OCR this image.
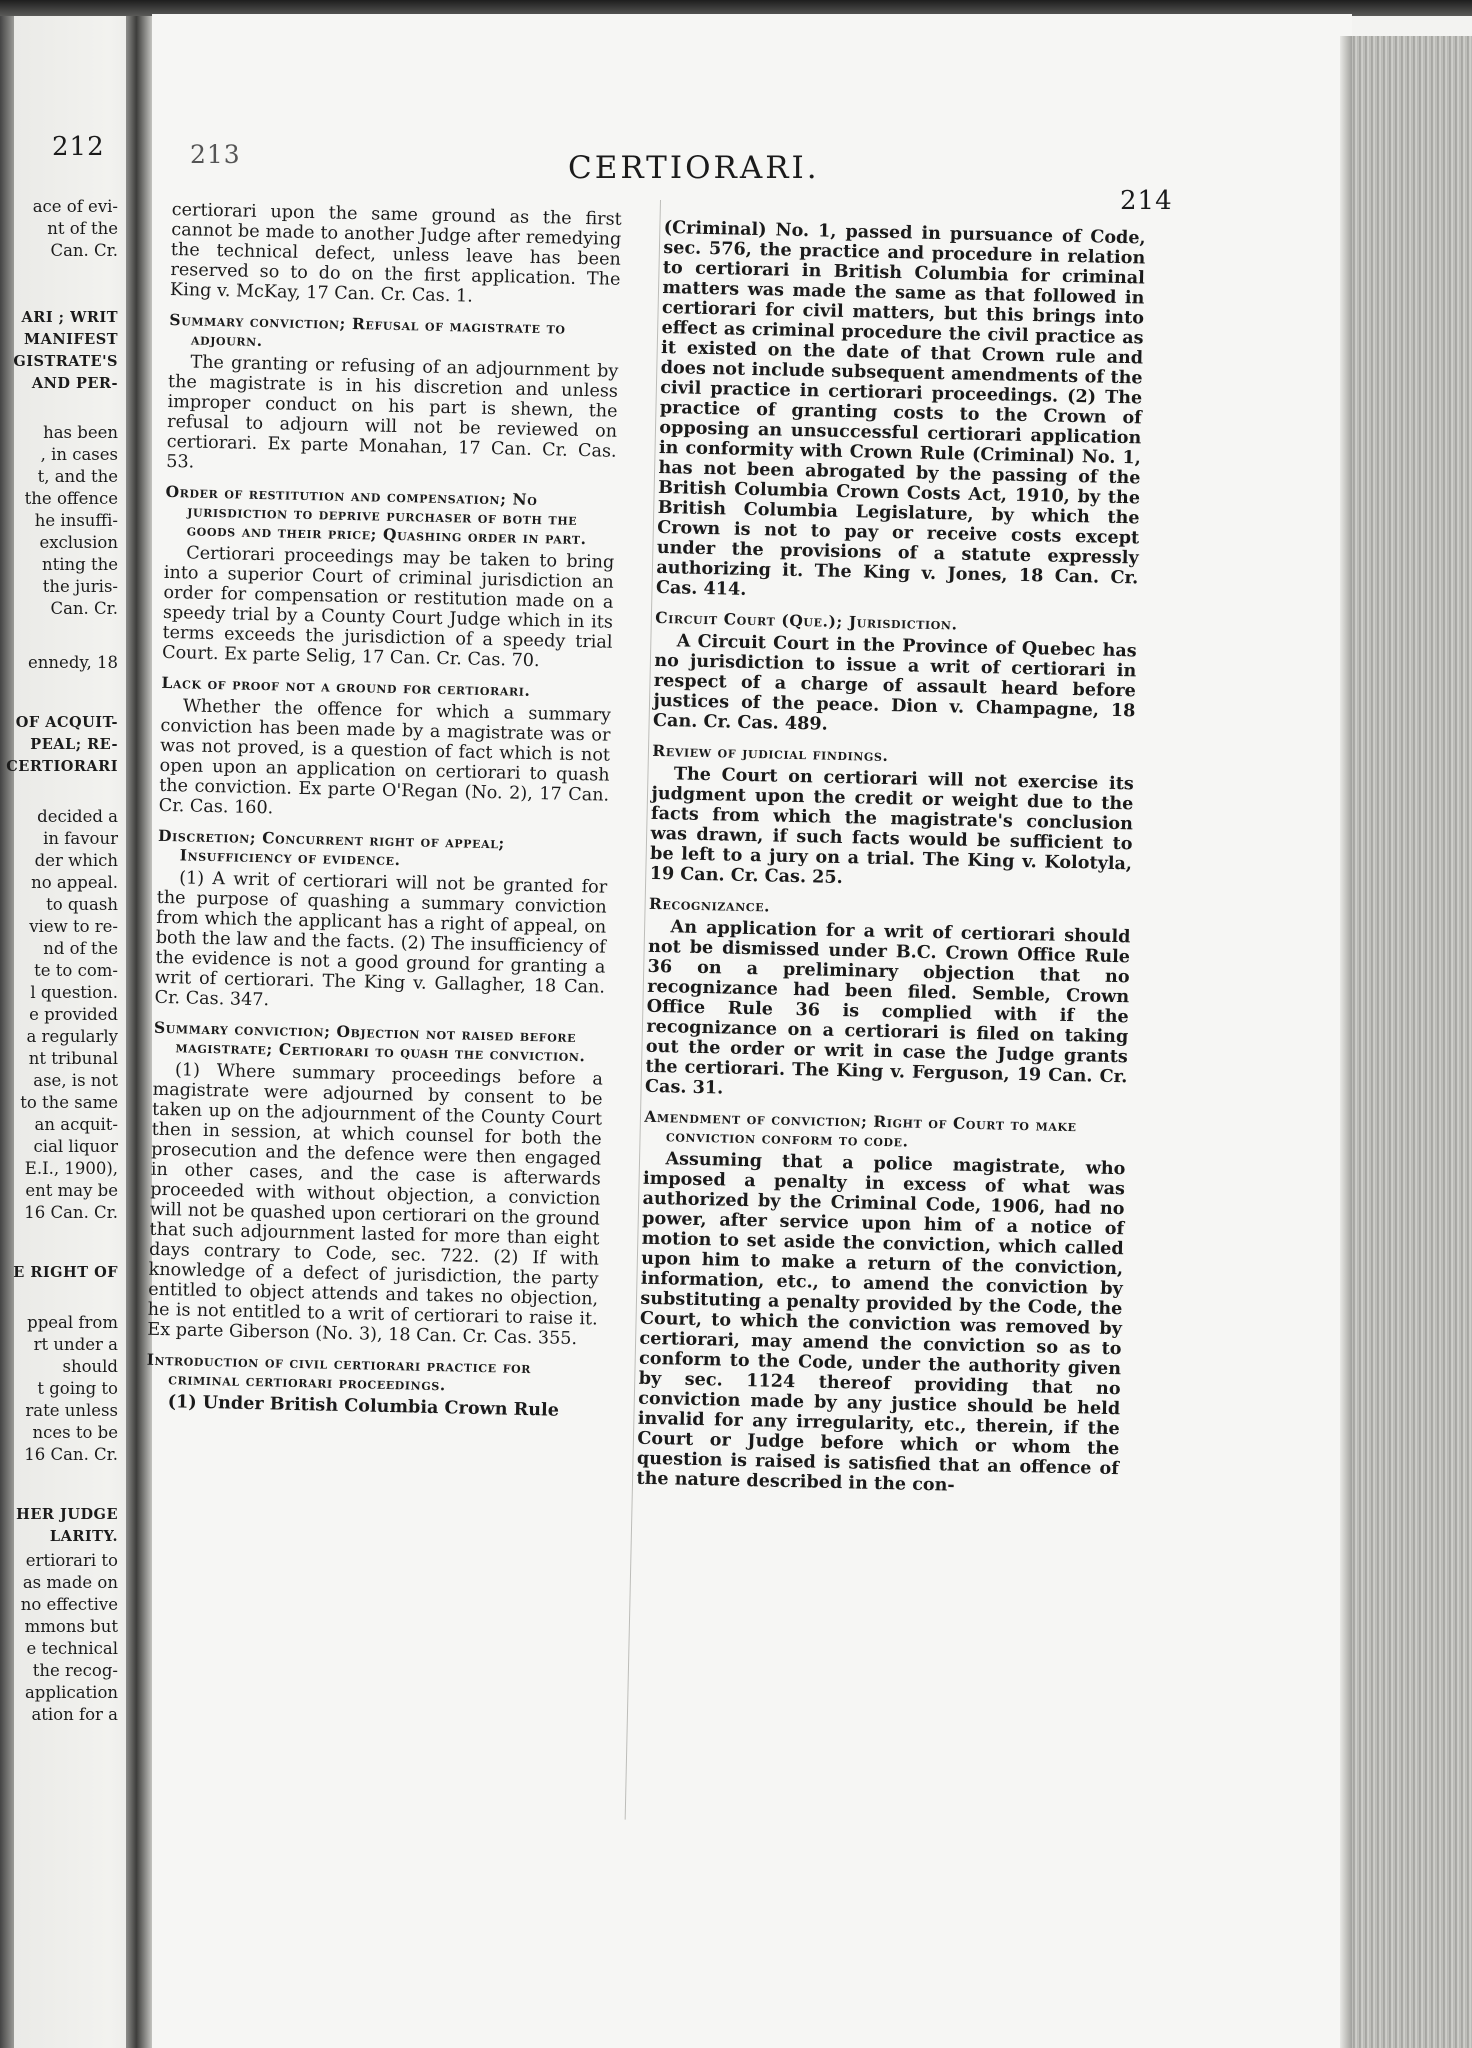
212
ace of evi-
nt of the
Can. Cr.
ARI ; WRIT
MANIFEST
GISTRATE'S
AND PER-
has been
, in cases
t, and the
the offence
he insuffi-
exclusion
nting the
the juris-
Can. Cr.
ennedy, 18
OF ACQUIT-
PEAL; RE-
CERTIORARI
decided a
in favour
der which
no appeal.
to quash
view to re-
nd of the
te to com-
l question.
e provided
a regularly
nt tribunal
ase, is not
to the same
an acquit-
cial liquor
E.I., 1900),
ent may be
16 Can. Cr.
E RIGHT OF
ppeal from
rt under a
should
t going to
rate unless
nces to be
16 Can. Cr.
HER JUDGE
LARITY.
ertiorari to
as made on
no effective
mmons but
e technical
the recog-
application
ation for a
213	CERTIORARI.
214

certiorari upon the same ground as the first cannot be made to another Judge after remedying the technical defect, unless leave has been reserved so to do on the first application. The King v. McKay, 17 Can. Cr. Cas. 1.

Summary conviction; Refusal of magistrate to adjourn.

The granting or refusing of an adjournment by the magistrate is in his discretion and unless improper conduct on his part is shewn, the refusal to adjourn will not be reviewed on certiorari. Ex parte Monahan, 17 Can. Cr. Cas. 53.

Order of restitution and compensation; No jurisdiction to deprive purchaser of both the goods and their price; Quashing order in part.

Certiorari proceedings may be taken to bring into a superior Court of criminal jurisdiction an order for compensation or restitution made on a speedy trial by a County Court Judge which in its terms exceeds the jurisdiction of a speedy trial Court. Ex parte Selig, 17 Can. Cr. Cas. 70.

Lack of proof not a ground for certiorari.

Whether the offence for which a summary conviction has been made by a magistrate was or was not proved, is a question of fact which is not open upon an application on certiorari to quash the conviction. Ex parte O'Regan (No. 2), 17 Can. Cr. Cas. 160.

Discretion; Concurrent right of appeal; Insufficiency of evidence.

(1) A writ of certiorari will not be granted for the purpose of quashing a summary conviction from which the applicant has a right of appeal, on both the law and the facts. (2) The insufficiency of the evidence is not a good ground for granting a writ of certiorari. The King v. Gallagher, 18 Can. Cr. Cas. 347.

Summary conviction; Objection not raised before magistrate; Certiorari to quash the conviction.

(1) Where summary proceedings before a magistrate were adjourned by consent to be taken up on the adjournment of the County Court then in session, at which counsel for both the prosecution and the defence were then engaged in other cases, and the case is afterwards proceeded with without objection, a conviction will not be quashed upon certiorari on the ground that such adjournment lasted for more than eight days contrary to Code, sec. 722. (2) If with knowledge of a defect of jurisdiction, the party entitled to object attends and takes no objection, he is not entitled to a writ of certiorari to raise it. Ex parte Giberson (No. 3), 18 Can. Cr. Cas. 355.

Introduction of civil certiorari practice for criminal certiorari proceedings.

(1) Under British Columbia Crown Rule

(Criminal) No. 1, passed in pursuance of Code, sec. 576, the practice and procedure in relation to certiorari in British Columbia for criminal matters was made the same as that followed in certiorari for civil matters, but this brings into effect as criminal procedure the civil practice as it existed on the date of that Crown rule and does not include subsequent amendments of the civil practice in certiorari proceedings. (2) The practice of granting costs to the Crown of opposing an unsuccessful certiorari application in conformity with Crown Rule (Criminal) No. 1, has not been abrogated by the passing of the British Columbia Crown Costs Act, 1910, by the British Columbia Legislature, by which the Crown is not to pay or receive costs except under the provisions of a statute expressly authorizing it. The King v. Jones, 18 Can. Cr. Cas. 414.

Circuit Court (Que.); Jurisdiction.

A Circuit Court in the Province of Quebec has no jurisdiction to issue a writ of certiorari in respect of a charge of assault heard before justices of the peace. Dion v. Champagne, 18 Can. Cr. Cas. 489.

Review of judicial findings.

The Court on certiorari will not exercise its judgment upon the credit or weight due to the facts from which the magistrate's conclusion was drawn, if such facts would be sufficient to be left to a jury on a trial. The King v. Kolotyla, 19 Can. Cr. Cas. 25.

Recognizance.

An application for a writ of certiorari should not be dismissed under B.C. Crown Office Rule 36 on a preliminary objection that no recognizance had been filed. Semble, Crown Office Rule 36 is complied with if the recognizance on a certiorari is filed on taking out the order or writ in case the Judge grants the certiorari. The King v. Ferguson, 19 Can. Cr. Cas. 31.

Amendment of conviction; Right of Court to make conviction conform to code.

Assuming that a police magistrate, who imposed a penalty in excess of what was authorized by the Criminal Code, 1906, had no power, after service upon him of a notice of motion to set aside the conviction, which called upon him to make a return of the conviction, information, etc., to amend the conviction by substituting a penalty provided by the Code, the Court, to which the conviction was removed by certiorari, may amend the conviction so as to conform to the Code, under the authority given by sec. 1124 thereof providing that no conviction made by any justice should be held invalid for any irregularity, etc., therein, if the Court or Judge before which or whom the question is raised is satisfied that an offence of the nature described in the con-
